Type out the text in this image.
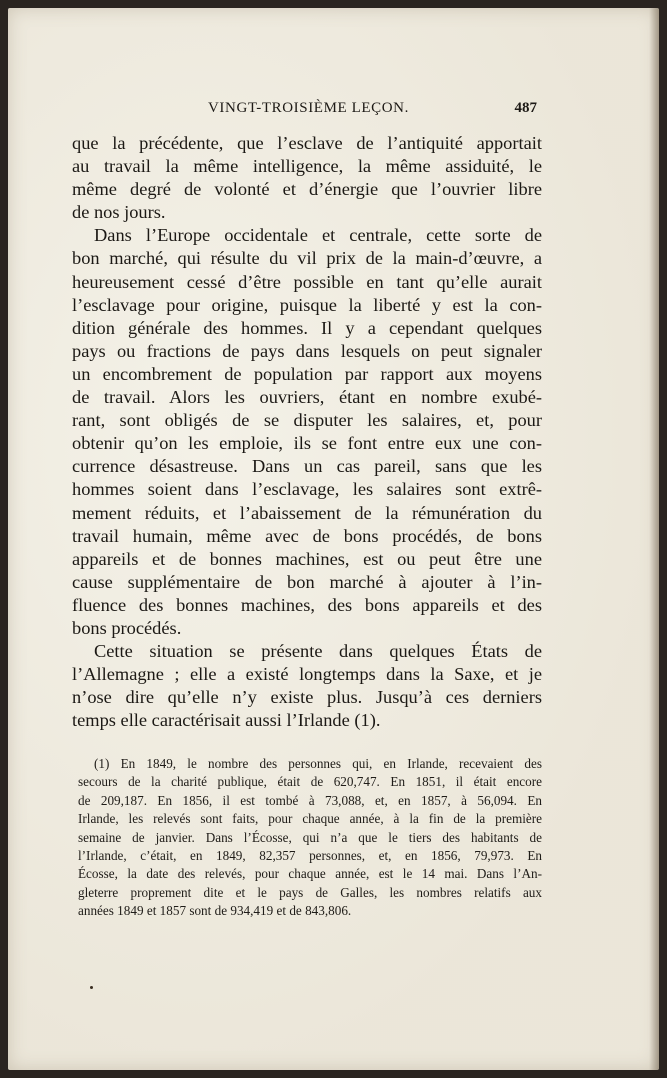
VINGT-TROISIÈME LEÇON.	487
que la précédente, que l’esclave de l’antiquité apportait
au travail la même intelligence, la même assiduité, le
même degré de volonté et d’énergie que l’ouvrier libre
de nos jours.
Dans l’Europe occidentale et centrale, cette sorte de
bon marché, qui résulte du vil prix de la main-d’œuvre, a
heureusement cessé d’être possible en tant qu’elle aurait
l’esclavage pour origine, puisque la liberté y est la con-
dition générale des hommes. Il y a cependant quelques
pays ou fractions de pays dans lesquels on peut signaler
un encombrement de population par rapport aux moyens
de travail. Alors les ouvriers, étant en nombre exubé-
rant, sont obligés de se disputer les salaires, et, pour
obtenir qu’on les emploie, ils se font entre eux une con-
currence désastreuse. Dans un cas pareil, sans que les
hommes soient dans l’esclavage, les salaires sont extrê-
mement réduits, et l’abaissement de la rémunération du
travail humain, même avec de bons procédés, de bons
appareils et de bonnes machines, est ou peut être une
cause supplémentaire de bon marché à ajouter à l’in-
fluence des bonnes machines, des bons appareils et des
bons procédés.
Cette situation se présente dans quelques États de
l’Allemagne ; elle a existé longtemps dans la Saxe, et je
n’ose dire qu’elle n’y existe plus. Jusqu’à ces derniers
temps elle caractérisait aussi l’Irlande (1).
(1) En 1849, le nombre des personnes qui, en Irlande, recevaient des
secours de la charité publique, était de 620,747. En 1851, il était encore
de 209,187. En 1856, il est tombé à 73,088, et, en 1857, à 56,094. En
Irlande, les relevés sont faits, pour chaque année, à la fin de la première
semaine de janvier. Dans l’Écosse, qui n’a que le tiers des habitants de
l’Irlande, c’était, en 1849, 82,357 personnes, et, en 1856, 79,973. En
Écosse, la date des relevés, pour chaque année, est le 14 mai. Dans l’An-
gleterre proprement dite et le pays de Galles, les nombres relatifs aux
années 1849 et 1857 sont de 934,419 et de 843,806.
